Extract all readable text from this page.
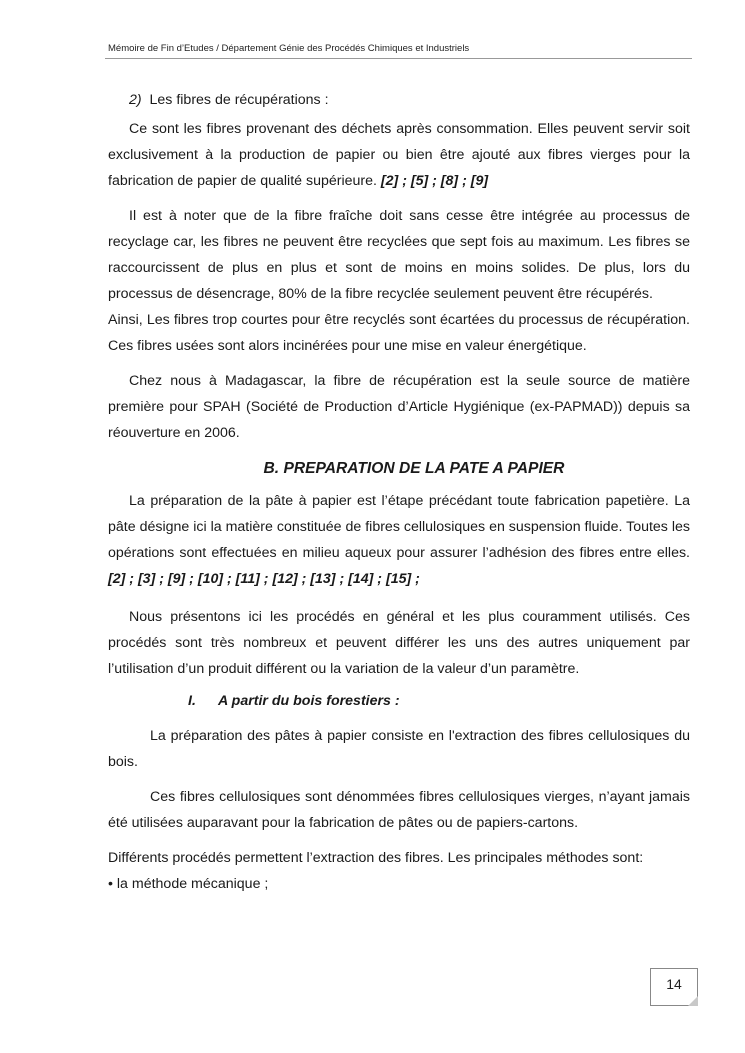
Mémoire de Fin d’Etudes / Département Génie des Procédés Chimiques et Industriels

2) Les fibres de récupérations :

Ce sont les fibres provenant des déchets après consommation. Elles peuvent servir soit exclusivement à la production de papier ou bien être ajouté aux fibres vierges pour la fabrication de papier de qualité supérieure. [2] ; [5] ; [8] ; [9]

Il est à noter que de la fibre fraîche doit sans cesse être intégrée au processus de recyclage car, les fibres ne peuvent être recyclées que sept fois au maximum. Les fibres se raccourcissent de plus en plus et sont de moins en moins solides. De plus, lors du processus de désencrage, 80% de la fibre recyclée seulement peuvent être récupérés.

Ainsi, Les fibres trop courtes pour être recyclés sont écartées du processus de récupération. Ces fibres usées sont alors incinérées pour une mise en valeur énergétique.

Chez nous à Madagascar, la fibre de récupération est la seule source de matière première pour SPAH (Société de Production d’Article Hygiénique (ex-PAPMAD)) depuis sa réouverture en 2006.

B. PREPARATION DE LA PATE A PAPIER

La préparation de la pâte à papier est l’étape précédant toute fabrication papetière. La pâte désigne ici la matière constituée de fibres cellulosiques en suspension fluide. Toutes les opérations sont effectuées en milieu aqueux pour assurer l’adhésion des fibres entre elles. [2] ; [3] ; [9] ; [10] ; [11] ; [12] ; [13] ; [14] ; [15] ;

Nous présentons ici les procédés en général et les plus couramment utilisés. Ces procédés sont très nombreux et peuvent différer les uns des autres uniquement par l’utilisation d’un produit différent ou la variation de la valeur d’un paramètre.

I. A partir du bois forestiers :

La préparation des pâtes à papier consiste en l'extraction des fibres cellulosiques du bois.

Ces fibres cellulosiques sont dénommées fibres cellulosiques vierges, n’ayant jamais été utilisées auparavant pour la fabrication de pâtes ou de papiers-cartons.

Différents procédés permettent l’extraction des fibres. Les principales méthodes sont:

• la méthode mécanique ;

14
